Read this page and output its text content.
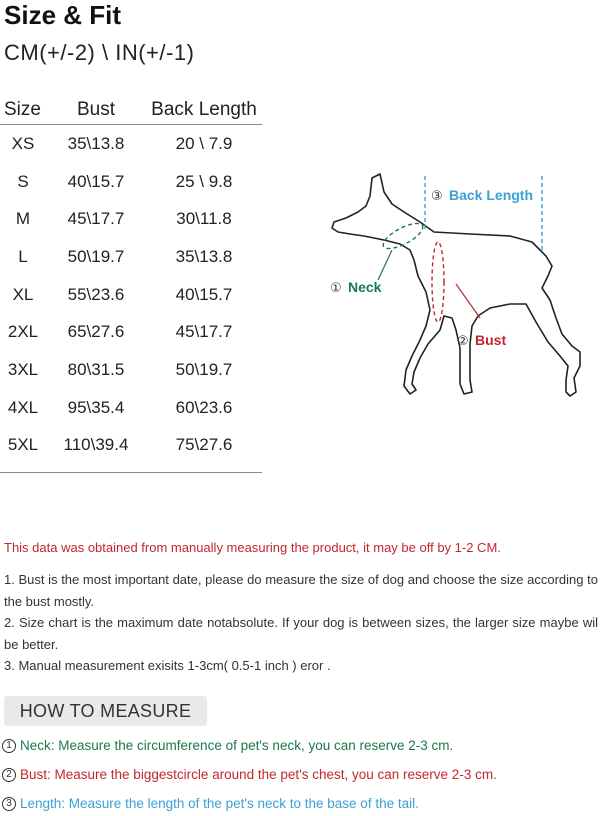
Size & Fit
CM(+/-2) \ IN(+/-1)
Size	Bust	Back Length
XS	35\13.8	20 \ 7.9
S	40\15.7	25 \ 9.8
M	45\17.7	30\11.8
L	50\19.7	35\13.8
XL	55\23.6	40\15.7
2XL	65\27.6	45\17.7
3XL	80\31.5	50\19.7
4XL	95\35.4	60\23.6
5XL	110\39.4	75\27.6
③ Back Length
① Neck
② Bust
This data was obtained from manually measuring the product, it may be off by 1-2 CM.

1. Bust is the most important date, please do measure the size of dog and choose the size according to the bust mostly.

2. Size chart is the maximum date notabsolute. If your dog is between sizes, the larger size maybe wil be better.

3. Manual measurement exisits 1-3cm( 0.5-1 inch ) eror .

HOW TO MEASURE
1 Neck: Measure the circumference of pet's neck, you can reserve 2-3 cm.
2 Bust: Measure the biggestcircle around the pet's chest, you can reserve 2-3 cm.
3 Length: Measure the length of the pet's neck to the base of the tail.
